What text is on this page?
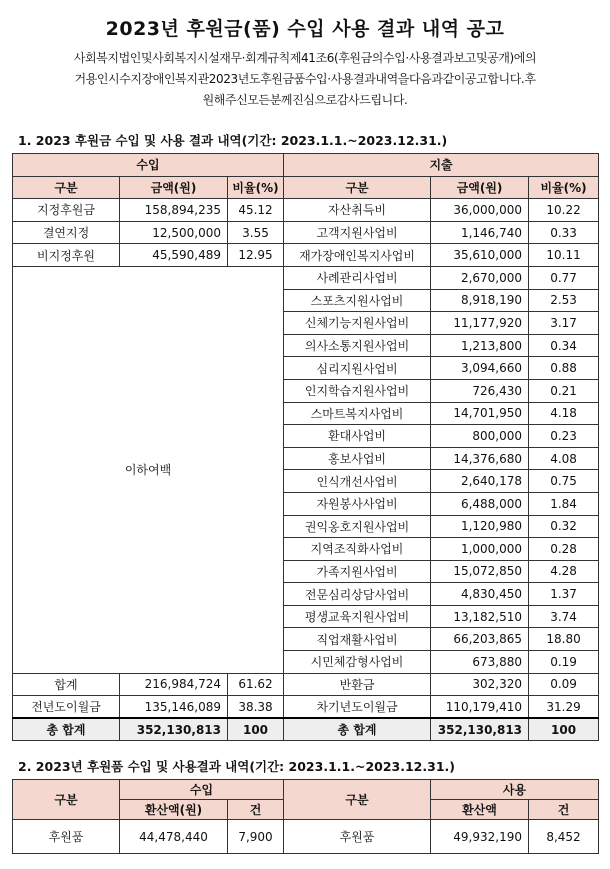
2023년 후원금(품) 수입 사용 결과 내역 공고
사회복지법인및사회복지시설재무·회계규칙제41조6(후원금의수입·사용결과보고및공개)에의
거용인시수지장애인복지관2023년도후원금품수입·사용결과내역을다음과같이공고합니다.후
원해주신모든분께진심으로감사드립니다.
1. 2023 후원금 수입 및 사용 결과 내역(기간: 2023.1.1.~2023.12.31.)
수입			지출		
구분	금액(원)	비율(%)	구분	금액(원)	비율(%)
지정후원금	158,894,235	45.12	자산취득비	36,000,000	10.22
결연지정	12,500,000	3.55	고객지원사업비	1,146,740	0.33
비지정후원	45,590,489	12.95	재가장애인복지사업비	35,610,000	10.11
이하여백			사례관리사업비	2,670,000	0.77
			스포츠지원사업비	8,918,190	2.53
			신체기능지원사업비	11,177,920	3.17
			의사소통지원사업비	1,213,800	0.34
			심리지원사업비	3,094,660	0.88
			인지학습지원사업비	726,430	0.21
			스마트복지사업비	14,701,950	4.18
			환대사업비	800,000	0.23
			홍보사업비	14,376,680	4.08
			인식개선사업비	2,640,178	0.75
			자원봉사사업비	6,488,000	1.84
			권익옹호지원사업비	1,120,980	0.32
			지역조직화사업비	1,000,000	0.28
			가족지원사업비	15,072,850	4.28
			전문심리상담사업비	4,830,450	1.37
			평생교육지원사업비	13,182,510	3.74
			직업재활사업비	66,203,865	18.80
			시민체감형사업비	673,880	0.19
합계	216,984,724	61.62	반환금	302,320	0.09
전년도이월금	135,146,089	38.38	차기년도이월금	110,179,410	31.29
총 합계	352,130,813	100	총 합계	352,130,813	100
2. 2023년 후원품 수입 및 사용결과 내역(기간: 2023.1.1.~2023.12.31.)
구분	수입		구분	사용	
	환산액(원)	건		환산액	건
후원품	44,478,440	7,900	후원품	49,932,190	8,452
